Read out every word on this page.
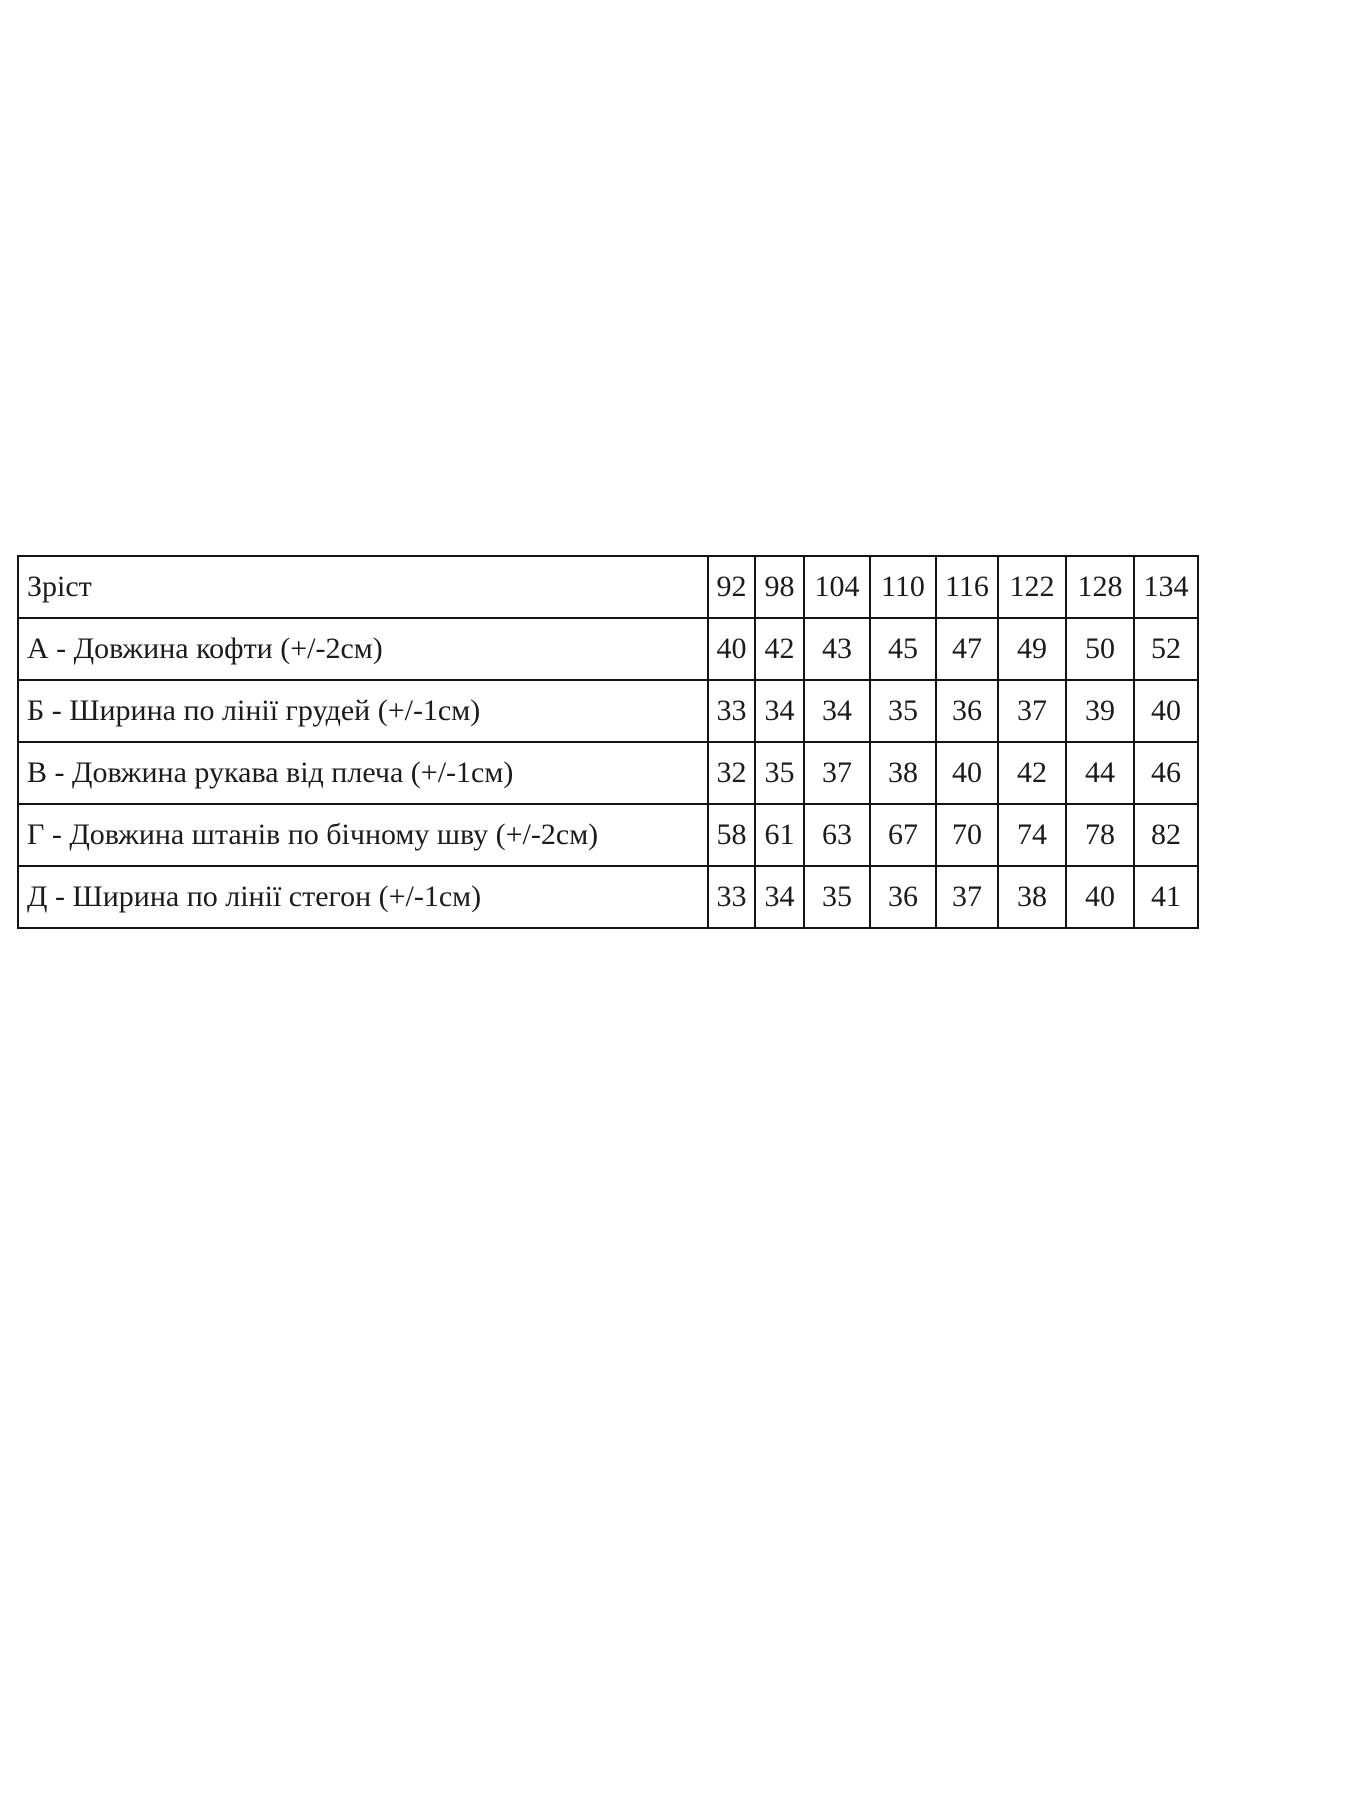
Зріст	92	98	104	110	116	122	128	134
А - Довжина кофти (+/-2см)	40	42	43	45	47	49	50	52
Б - Ширина по лінії грудей (+/-1см)	33	34	34	35	36	37	39	40
В - Довжина рукава від плеча (+/-1см)	32	35	37	38	40	42	44	46
Г - Довжина штанів по бічному шву (+/-2см)	58	61	63	67	70	74	78	82
Д - Ширина по лінії стегон (+/-1см)	33	34	35	36	37	38	40	41
